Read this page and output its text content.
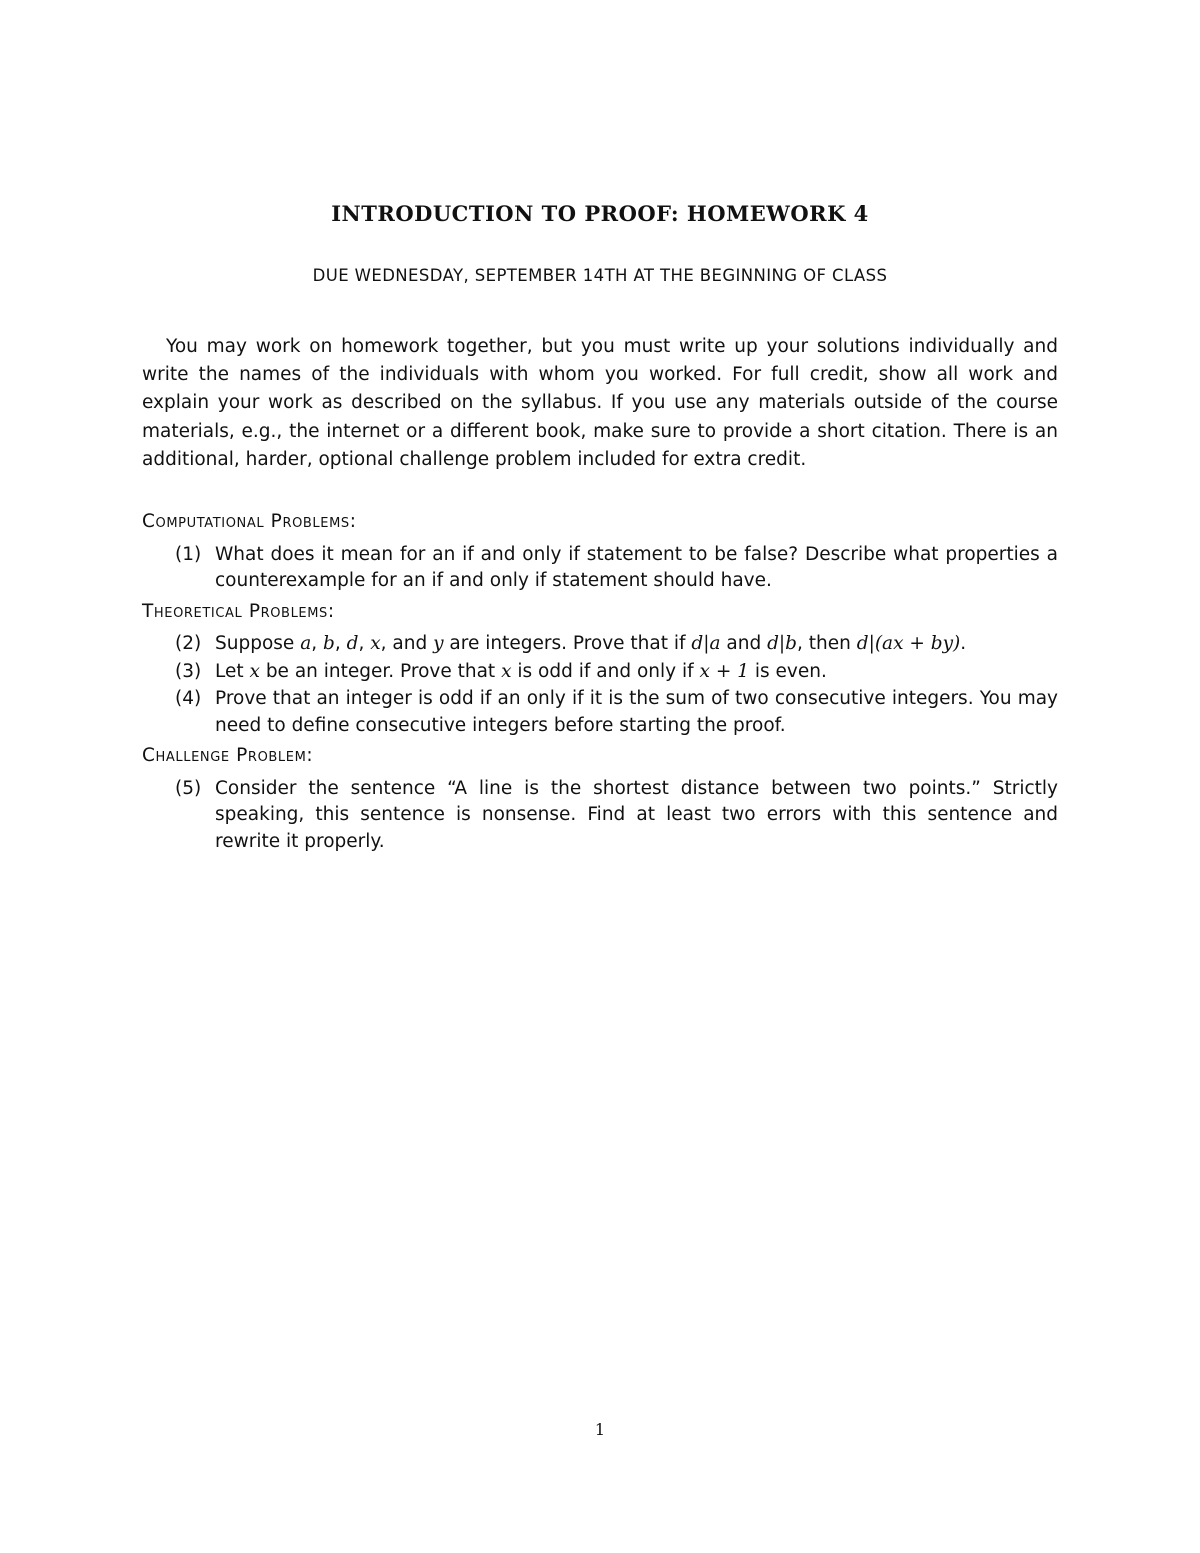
INTRODUCTION TO PROOF: HOMEWORK 4
DUE WEDNESDAY, SEPTEMBER 14TH AT THE BEGINNING OF CLASS

You may work on homework together, but you must write up your solutions individually and write the names of the individuals with whom you worked. For full credit, show all work and explain your work as described on the syllabus. If you use any materials outside of the course materials, e.g., the internet or a different book, make sure to provide a short citation. There is an additional, harder, optional challenge problem included for extra credit.

Computational Problems:
(1) What does it mean for an if and only if statement to be false? Describe what properties a counterexample for an if and only if statement should have.
Theoretical Problems:
(2) Suppose a, b, d, x, and y are integers. Prove that if d|a and d|b, then d|(ax + by).
(3) Let x be an integer. Prove that x is odd if and only if x + 1 is even.
(4) Prove that an integer is odd if an only if it is the sum of two consecutive integers. You may need to define consecutive integers before starting the proof.
Challenge Problem:
(5) Consider the sentence “A line is the shortest distance between two points.” Strictly speaking, this sentence is nonsense. Find at least two errors with this sentence and rewrite it properly.
1
